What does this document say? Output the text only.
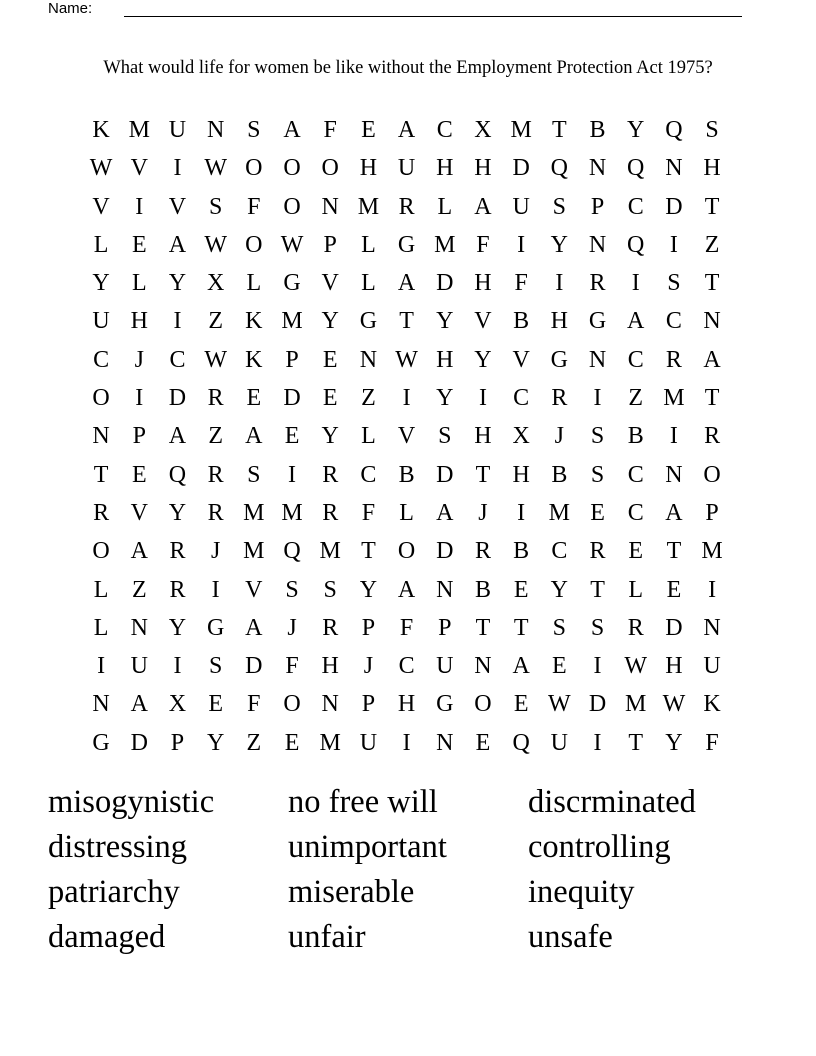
Name:
What would life for women be like without the Employment Protection Act 1975?
K M U N S A F	E A C X M T B Y Q S
W V	I W O O O H U H H D Q N Q N H
V	I	V S	F O N M R L A U S	P C D T
L E A W O W P	L G M F	I	Y N Q	I	Z
Y L Y X L G V L A D H F	I	R	I	S	T
U H	I	Z K M Y G T Y V B H G A C N
C	J	C W K P	E N W H Y V G N C R A
O	I	D R E D E Z	I	Y	I	C R	I	Z M T
N P A Z A E Y L V S H X	J	S B	I	R
T E Q R S	I	R C B D T H B S C N O
R V Y R M M R F	L A	J	I M E C A P
O A R	J M Q M T O D R B C R E T M
L Z R	I	V S	S Y A N B E Y T L E	I
L N Y G A	J	R P	F	P	T T	S	S R D N
I	U	I	S D F H	J	C U N A E	I W H U
N A X E	F O N P H G O E W D M W K
G D P Y Z E M U	I	N E Q U	I	T Y F
misogynistic	no free will	discrminated
distressing	unimportant	controlling
patriarchy	miserable	inequity
damaged	unfair	unsafe
